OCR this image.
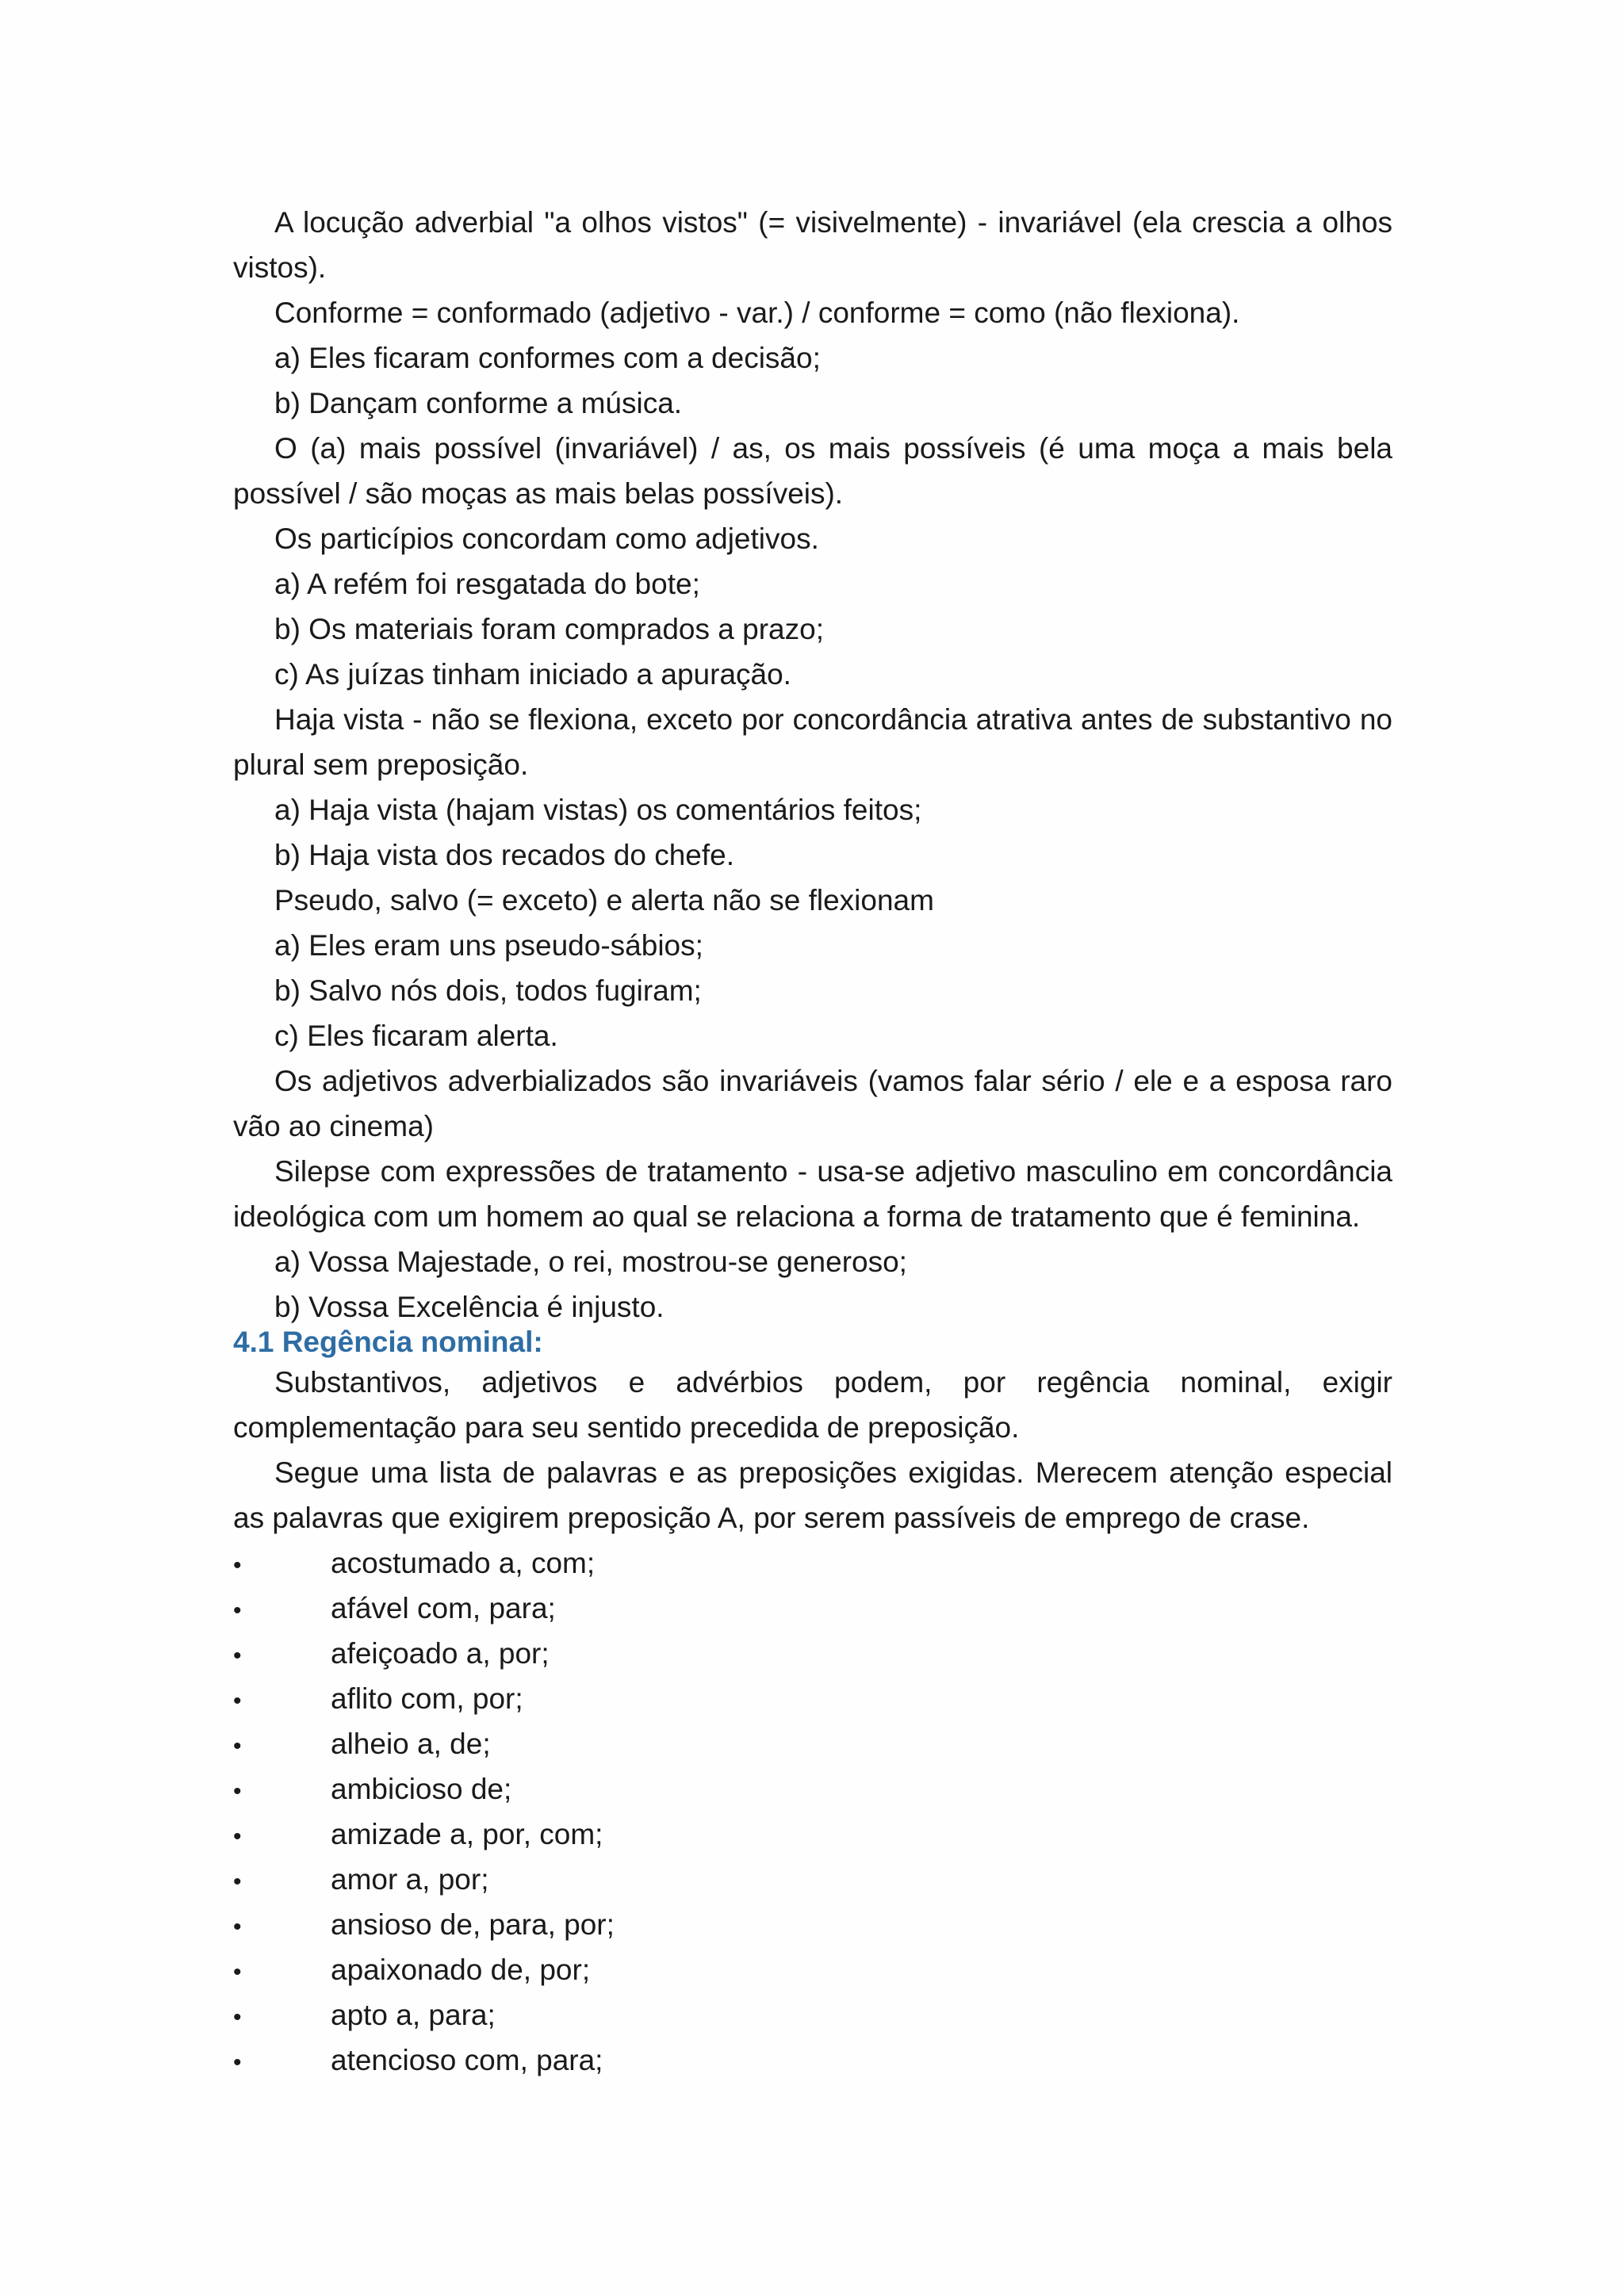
A locução adverbial "a olhos vistos" (= visivelmente) - invariável (ela crescia a olhos vistos).

Conforme = conformado (adjetivo - var.) / conforme = como (não flexiona).

a) Eles ficaram conformes com a decisão;

b) Dançam conforme a música.

O (a) mais possível (invariável) / as, os mais possíveis (é uma moça a mais bela possível / são moças as mais belas possíveis).

Os particípios concordam como adjetivos.

a) A refém foi resgatada do bote;

b) Os materiais foram comprados a prazo;

c) As juízas tinham iniciado a apuração.

Haja vista - não se flexiona, exceto por concordância atrativa antes de substantivo no plural sem preposição.

a) Haja vista (hajam vistas) os comentários feitos;

b) Haja vista dos recados do chefe.

Pseudo, salvo (= exceto) e alerta não se flexionam

a) Eles eram uns pseudo-sábios;

b) Salvo nós dois, todos fugiram;

c) Eles ficaram alerta.

Os adjetivos adverbializados são invariáveis (vamos falar sério / ele e a esposa raro vão ao cinema)

Silepse com expressões de tratamento - usa-se adjetivo masculino em concordância ideológica com um homem ao qual se relaciona a forma de tratamento que é feminina.

a) Vossa Majestade, o rei, mostrou-se generoso;

b) Vossa Excelência é injusto.

4.1 Regência nominal:

Substantivos, adjetivos e advérbios podem, por regência nominal, exigir complementação para seu sentido precedida de preposição.

Segue uma lista de palavras e as preposições exigidas. Merecem atenção especial as palavras que exigirem preposição A, por serem passíveis de emprego de crase.

•
acostumado a, com;
•
afável com, para;
•
afeiçoado a, por;
•
aflito com, por;
•
alheio a, de;
•
ambicioso de;
•
amizade a, por, com;
•
amor a, por;
•
ansioso de, para, por;
•
apaixonado de, por;
•
apto a, para;
•
atencioso com, para;
